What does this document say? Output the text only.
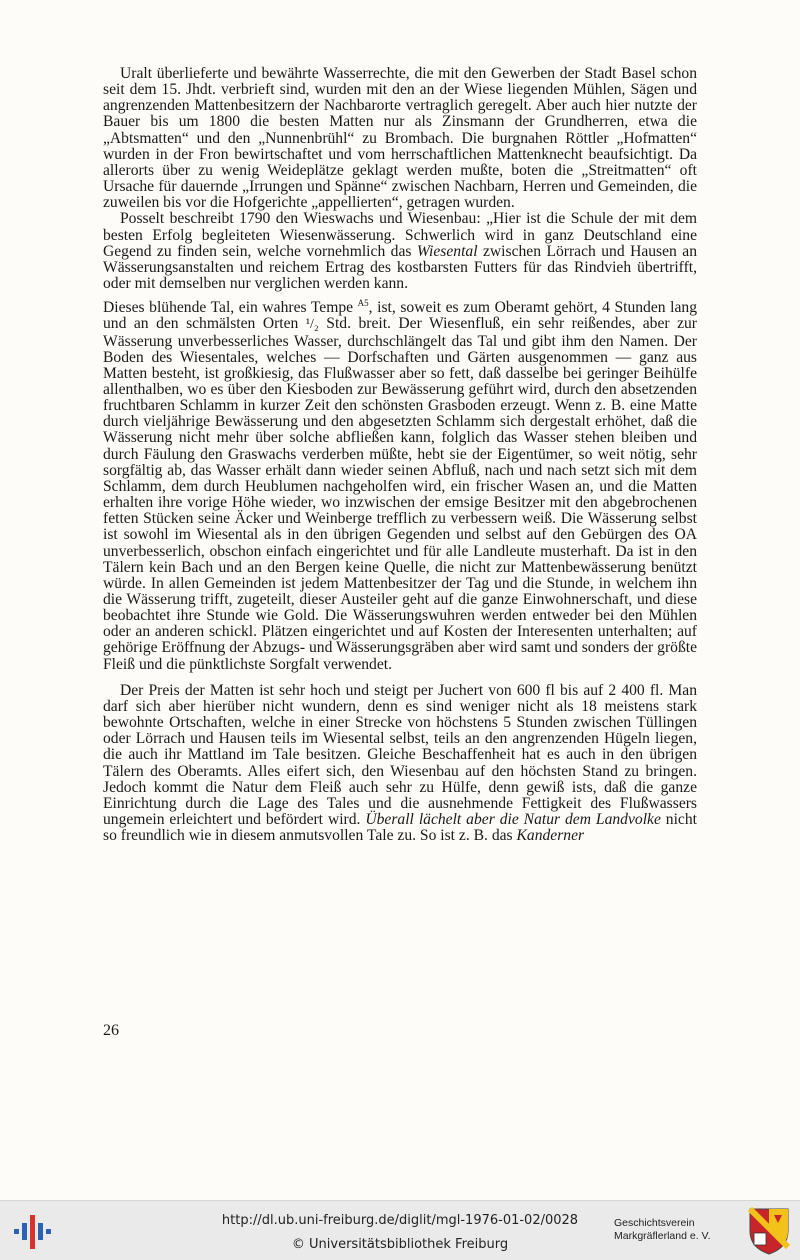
Uralt überlieferte und bewährte Wasserrechte, die mit den Gewerben der Stadt Basel schon seit dem 15. Jhdt. verbrieft sind, wurden mit den an der Wiese liegenden Mühlen, Sägen und angrenzenden Mattenbesitzern der Nachbarorte vertraglich geregelt. Aber auch hier nutzte der Bauer bis um 1800 die besten Matten nur als Zinsmann der Grundherren, etwa die „Abtsmatten“ und den „Nunnenbrühl“ zu Brombach. Die burgnahen Röttler „Hofmatten“ wurden in der Fron bewirtschaftet und vom herrschaftlichen Mattenknecht beaufsichtigt. Da allerorts über zu wenig Weideplätze geklagt werden mußte, boten die „Streitmatten“ oft Ursache für dauernde „Irrungen und Spänne“ zwischen Nachbarn, Herren und Gemeinden, die zuweilen bis vor die Hofgerichte „appellierten“, getragen wurden.

Posselt beschreibt 1790 den Wieswachs und Wiesenbau: „Hier ist die Schule der mit dem besten Erfolg begleiteten Wiesenwässerung. Schwerlich wird in ganz Deutschland eine Gegend zu finden sein, welche vornehmlich das Wiesental zwischen Lörrach und Hausen an Wässerungsanstalten und reichem Ertrag des kostbarsten Futters für das Rindvieh übertrifft, oder mit demselben nur verglichen werden kann.

Dieses blühende Tal, ein wahres Tempe $^{A5}$, ist, soweit es zum Oberamt gehört, 4 Stunden lang und an den schmälsten Orten ¹/₂ Std. breit. Der Wiesenfluß, ein sehr reißendes, aber zur Wässerung unverbesserliches Wasser, durchschlängelt das Tal und gibt ihm den Namen. Der Boden des Wiesentales, welches — Dorfschaften und Gärten ausgenommen — ganz aus Matten besteht, ist großkiesig, das Flußwasser aber so fett, daß dasselbe bei geringer Beihülfe allenthalben, wo es über den Kiesboden zur Bewässerung geführt wird, durch den absetzenden fruchtbaren Schlamm in kurzer Zeit den schönsten Grasboden erzeugt. Wenn z. B. eine Matte durch vieljährige Bewässerung und den abgesetzten Schlamm sich dergestalt erhöhet, daß die Wässerung nicht mehr über solche abfließen kann, folglich das Wasser stehen bleiben und durch Fäulung den Graswachs verderben müßte, hebt sie der Eigentümer, so weit nötig, sehr sorgfältig ab, das Wasser erhält dann wieder seinen Abfluß, nach und nach setzt sich mit dem Schlamm, dem durch Heublumen nachgeholfen wird, ein frischer Wasen an, und die Matten erhalten ihre vorige Höhe wieder, wo inzwischen der emsige Besitzer mit den abgebrochenen fetten Stücken seine Äcker und Weinberge trefflich zu verbessern weiß. Die Wässerung selbst ist sowohl im Wiesental als in den übrigen Gegenden und selbst auf den Gebürgen des OA unverbesserlich, obschon einfach eingerichtet und für alle Landleute musterhaft. Da ist in den Tälern kein Bach und an den Bergen keine Quelle, die nicht zur Mattenbewässerung benützt würde. In allen Gemeinden ist jedem Mattenbesitzer der Tag und die Stunde, in welchem ihn die Wässerung trifft, zugeteilt, dieser Austeiler geht auf die ganze Einwohnerschaft, und diese beobachtet ihre Stunde wie Gold. Die Wässerungswuhren werden entweder bei den Mühlen oder an anderen schickl. Plätzen eingerichtet und auf Kosten der Interesenten unterhalten; auf gehörige Eröffnung der Abzugs- und Wässerungsgräben aber wird samt und sonders der größte Fleiß und die pünktlichste Sorgfalt verwendet.

Der Preis der Matten ist sehr hoch und steigt per Juchert von 600 fl bis auf 2 400 fl. Man darf sich aber hierüber nicht wundern, denn es sind weniger nicht als 18 meistens stark bewohnte Ortschaften, welche in einer Strecke von höchstens 5 Stunden zwischen Tüllingen oder Lörrach und Hausen teils im Wiesental selbst, teils an den angrenzenden Hügeln liegen, die auch ihr Mattland im Tale besitzen. Gleiche Beschaffenheit hat es auch in den übrigen Tälern des Oberamts. Alles eifert sich, den Wiesenbau auf den höchsten Stand zu bringen. Jedoch kommt die Natur dem Fleiß auch sehr zu Hülfe, denn gewiß ists, daß die ganze Einrichtung durch die Lage des Tales und die ausnehmende Fettigkeit des Flußwassers ungemein erleichtert und befördert wird. Überall lächelt aber die Natur dem Landvolke nicht so freundlich wie in diesem anmutsvollen Tale zu. So ist z. B. das Kanderner

26
http://dl.ub.uni-freiburg.de/diglit/mgl-1976-01-02/0028
© Universitätsbibliothek Freiburg
Geschichtsverein
Markgräflerland e. V.
